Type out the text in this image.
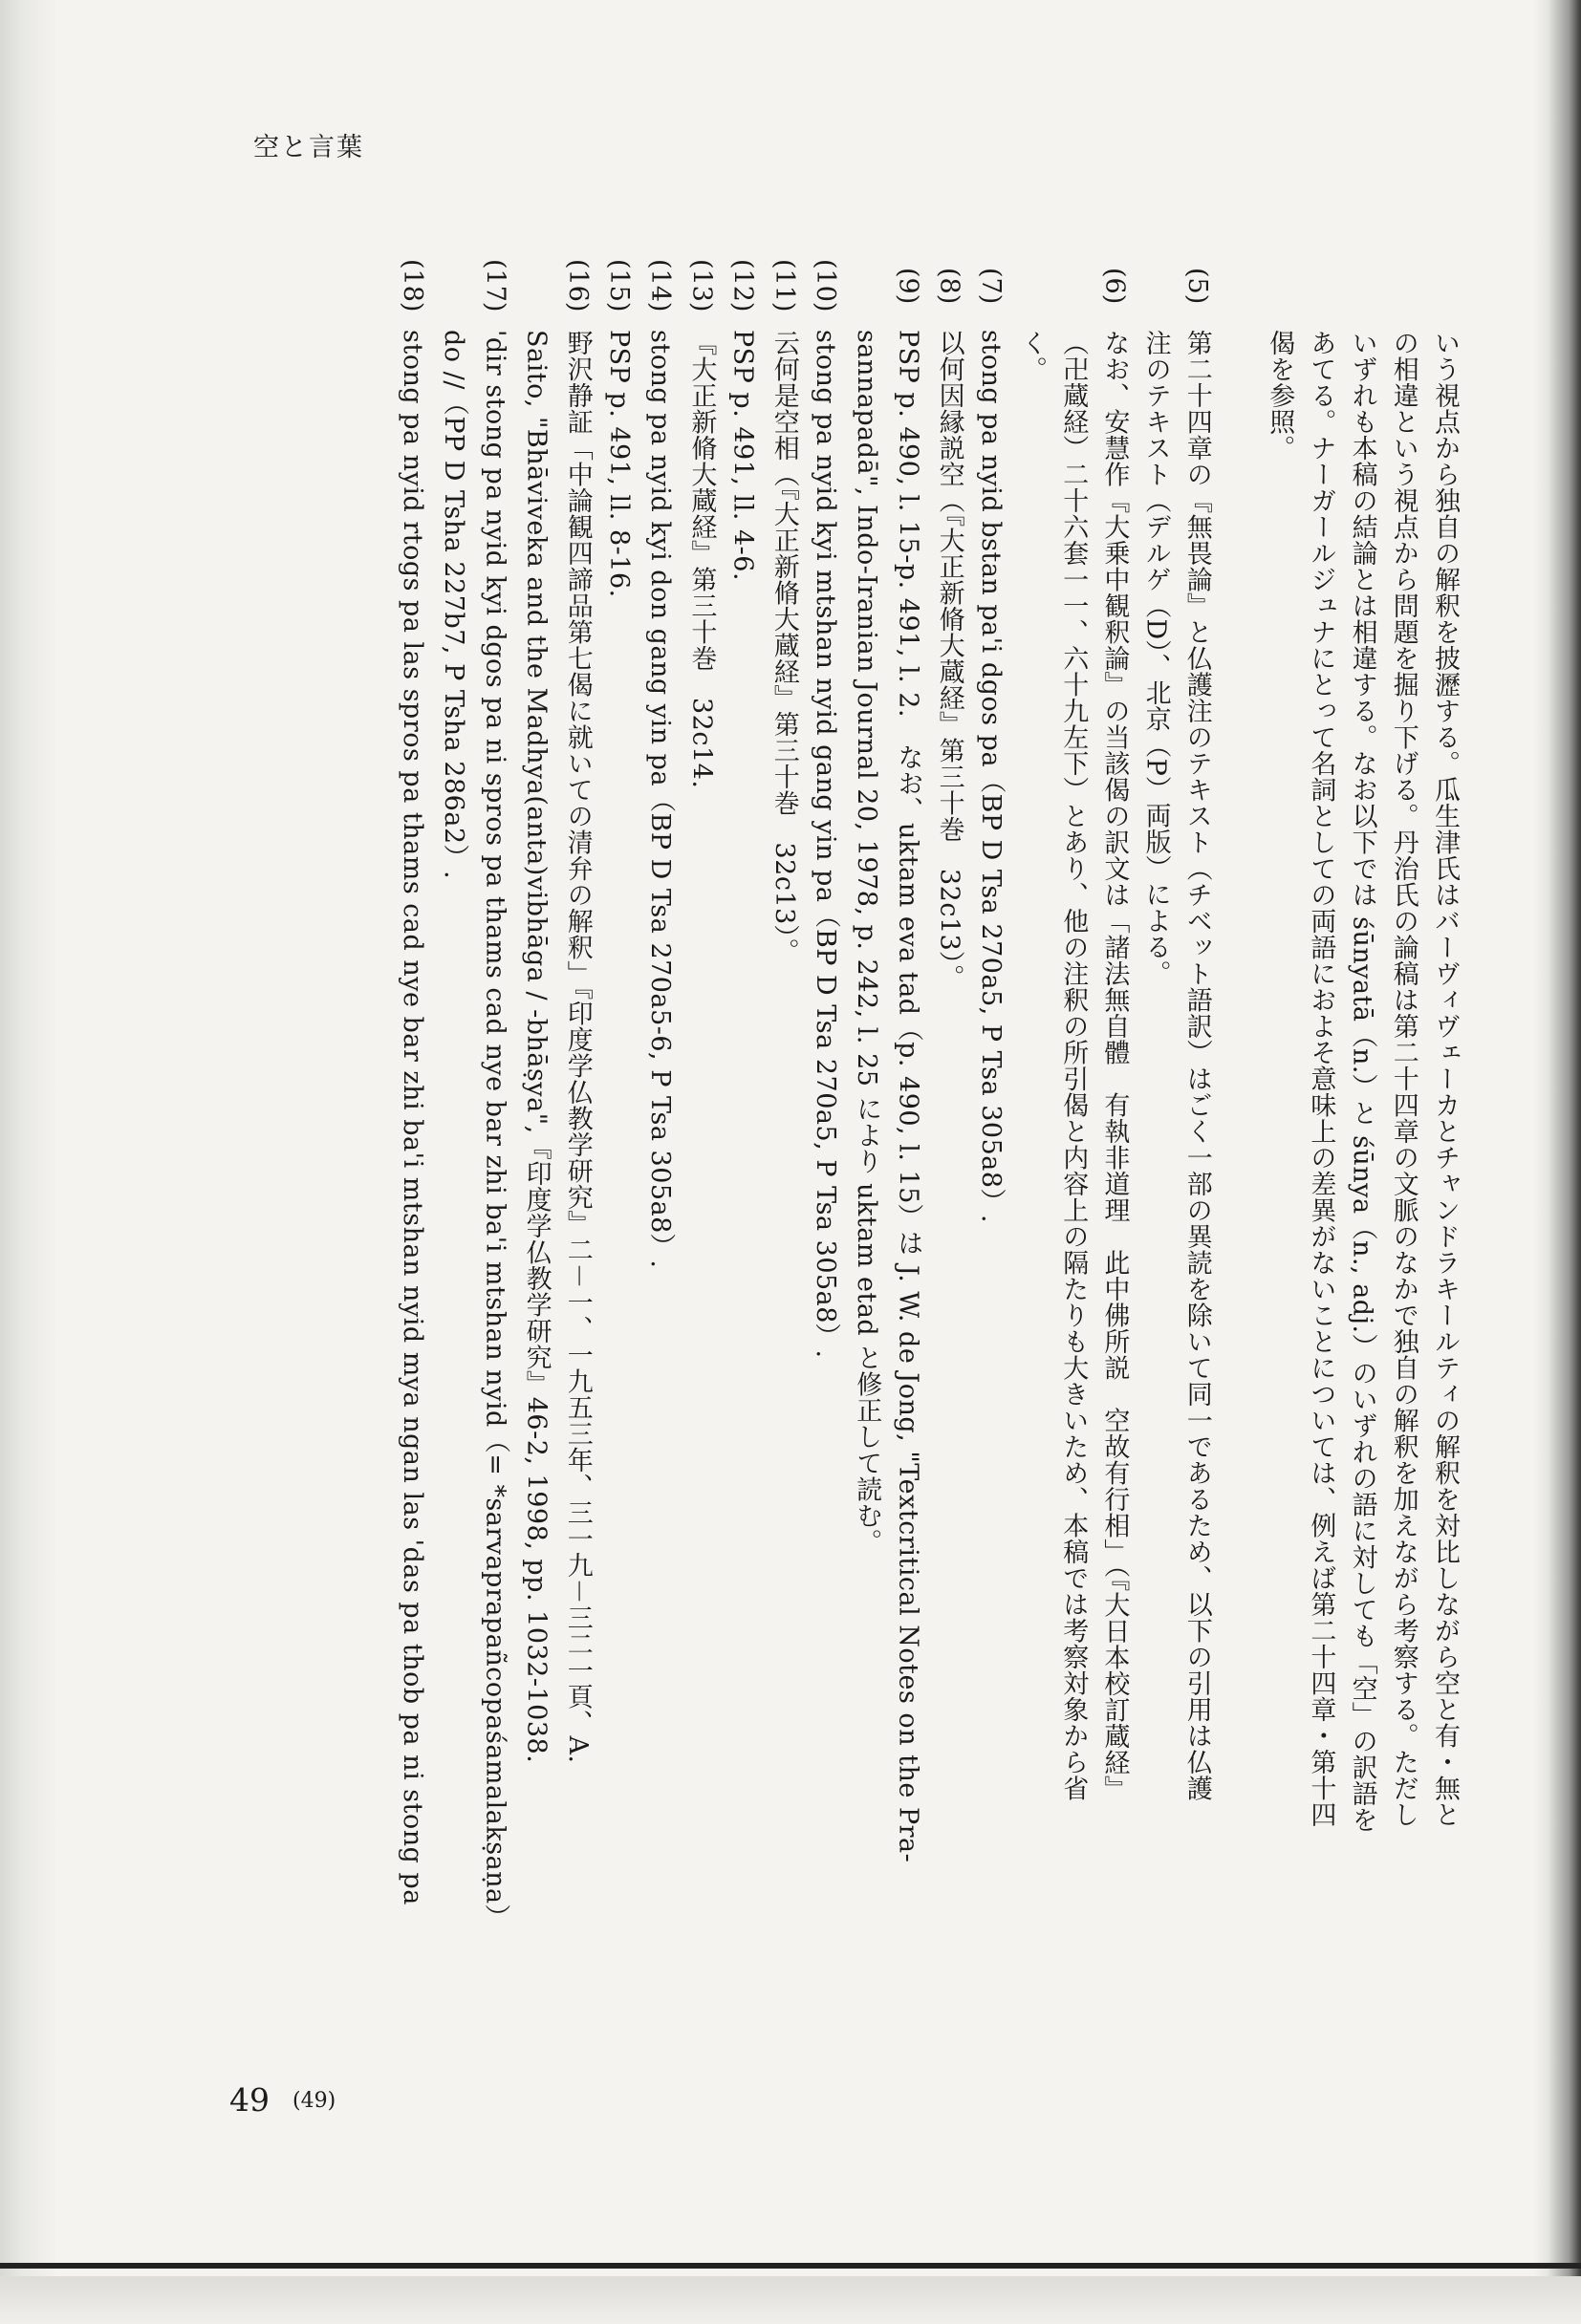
空と言葉
いう視点から独自の解釈を披瀝する。瓜生津氏はバーヴィヴェーカとチャンドラキールティの解釈を対比しながら空と有・無と
の相違という視点から問題を掘り下げる。丹治氏の論稿は第二十四章の文脈のなかで独自の解釈を加えながら考察する。ただし
いずれも本稿の結論とは相違する。なお以下では śūnyatā（n.）と śūnya（n., adj.）のいずれの語に対しても「空」の訳語を
あてる。ナーガールジュナにとって名詞としての両語におよそ意味上の差異がないことについては、例えば第二十四章・第十四
偈を参照。
(5)
第二十四章の『無畏論』と仏護注のテキスト（チベット語訳）はごく一部の異読を除いて同一であるため、以下の引用は仏護
注のテキスト（デルゲ（D）、北京（P）両版）による。
(6)
なお、安慧作『大乗中観釈論』の当該偈の訳文は「諸法無自體　有執非道理　此中佛所説　空故有行相」（『大日本校訂蔵経』
（卍蔵経）二十六套一一、六十九左下）とあり、他の注釈の所引偈と内容上の隔たりも大きいため、本稿では考察対象から省
く。
(7)
stong pa nyid bstan pa'i dgos pa（BP D Tsa 270a5, P Tsa 305a8）.
(8)
以何因縁説空（『大正新脩大蔵経』第三十巻　32c13）。
(9)
PSP p. 490, l. 15-p. 491, l. 2.　なお、uktam eva tad（p. 490, l. 15）は J. W. de Jong, "Textcritical Notes on the Pra-
sannapadā", Indo-Iranian Journal 20, 1978, p. 242, l. 25 により uktam etad と修正して読む。
(10)
stong pa nyid kyi mtshan nyid gang yin pa（BP D Tsa 270a5, P Tsa 305a8）.
(11)
云何是空相（『大正新脩大蔵経』第三十巻　32c13）。
(12)
PSP p. 491, ll. 4-6.
(13)
『大正新脩大蔵経』第三十巻　32c14.
(14)
stong pa nyid kyi don gang yin pa（BP D Tsa 270a5-6, P Tsa 305a8）.
(15)
PSP p. 491, ll. 8-16.
(16)
野沢静証「中論観四諦品第七偈に就いての清弁の解釈」『印度学仏教学研究』二－一、一九五三年、三一九－三二一頁、A.
Saito, "Bhāviveka and the Madhya(anta)vibhāga / -bhāṣya",『印度学仏教学研究』46-2, 1998, pp. 1032-1038.
(17)
'dir stong pa nyid kyi dgos pa ni spros pa thams cad nye bar zhi ba'i mtshan nyid（= *sarvaprapañcopaśamalakṣaṇa）
do //（PP D Tsha 227b7, P Tsha 286a2）.
(18)
stong pa nyid rtogs pa las spros pa thams cad nye bar zhi ba'i mtshan nyid mya ngan las 'das pa thob pa ni stong pa
49 (49)
